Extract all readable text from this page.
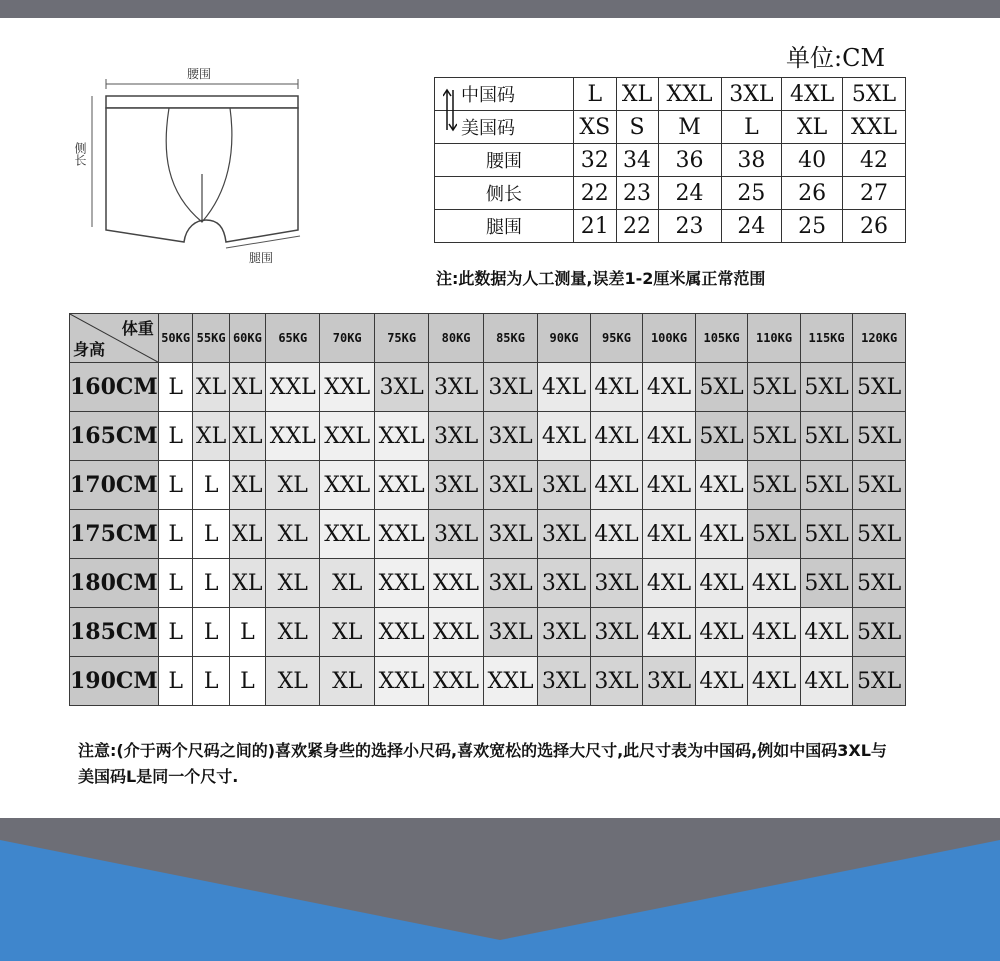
单位:CM
腰围
侧长
腿围
中国码	L	XL	XXL	3XL	4XL	5XL
美国码	XS	S	M	L	XL	XXL
腰围	32	34	36	38	40	42
侧长	22	23	24	25	26	27
腿围	21	22	23	24	25	26
注:此数据为人工测量,误差1-2厘米属正常范围
体重
身高	50KG	55KG	60KG	65KG	70KG	75KG	80KG	85KG	90KG	95KG	100KG	105KG	110KG	115KG	120KG
160CM	L	XL	XL	XXL	XXL	3XL	3XL	3XL	4XL	4XL	4XL	5XL	5XL	5XL	5XL
165CM	L	XL	XL	XXL	XXL	XXL	3XL	3XL	4XL	4XL	4XL	5XL	5XL	5XL	5XL
170CM	L	L	XL	XL	XXL	XXL	3XL	3XL	3XL	4XL	4XL	4XL	5XL	5XL	5XL
175CM	L	L	XL	XL	XXL	XXL	3XL	3XL	3XL	4XL	4XL	4XL	5XL	5XL	5XL
180CM	L	L	XL	XL	XL	XXL	XXL	3XL	3XL	3XL	4XL	4XL	4XL	5XL	5XL
185CM	L	L	L	XL	XL	XXL	XXL	3XL	3XL	3XL	4XL	4XL	4XL	4XL	5XL
190CM	L	L	L	XL	XL	XXL	XXL	XXL	3XL	3XL	3XL	4XL	4XL	4XL	5XL
注意:(介于两个尺码之间的)喜欢紧身些的选择小尺码,喜欢宽松的选择大尺寸,此尺寸表为中国码,例如中国码3XL与美国码L是同一个尺寸.
